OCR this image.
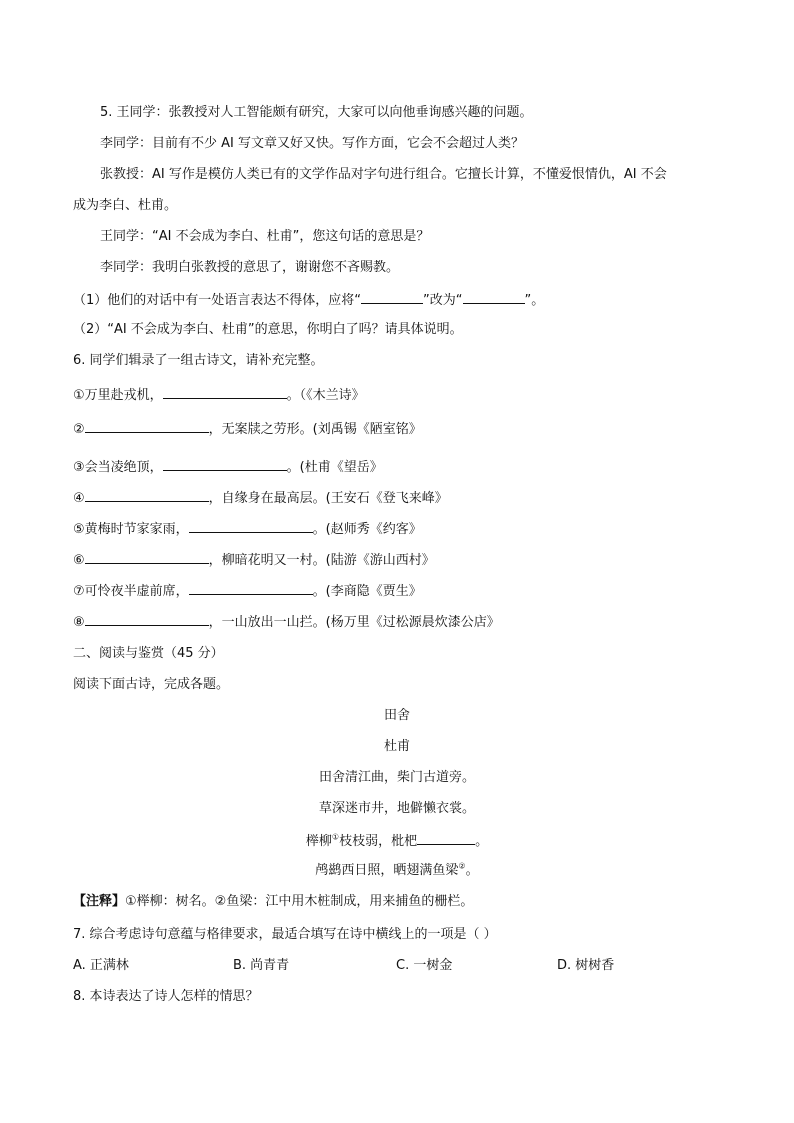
5. 王同学：张教授对人工智能颇有研究，大家可以向他垂询感兴趣的问题。
李同学：目前有不少 AI 写文章又好又快。写作方面，它会不会超过人类？
张教授：AI 写作是模仿人类已有的文学作品对字句进行组合。它擅长计算，不懂爱恨情仇，AI 不会
成为李白、杜甫。
王同学：“AI 不会成为李白、杜甫”，您这句话的意思是？
李同学：我明白张教授的意思了，谢谢您不吝赐教。
（1）他们的对话中有一处语言表达不得体，应将“	”改为“	”。
（2）“AI 不会成为李白、杜甫”的意思，你明白了吗？请具体说明。
6. 同学们辑录了一组古诗文，请补充完整。
①万里赴戎机，	。（《木兰诗》
②	，无案牍之劳形。(刘禹锡《陋室铭》
③会当凌绝顶，	。(杜甫《望岳》
④	，自缘身在最高层。(王安石《登飞来峰》
⑤黄梅时节家家雨，	。(赵师秀《约客》
⑥	，柳暗花明又一村。(陆游《游山西村》
⑦可怜夜半虚前席，	。(李商隐《贾生》
⑧	，一山放出一山拦。(杨万里《过松源晨炊漆公店》
二、阅读与鉴赏（45 分）
阅读下面古诗，完成各题。
田舍
杜甫
田舍清江曲，柴门古道旁。
草深迷市井，地僻懒衣裳。
榉柳①枝枝弱，枇杷	。
鸬鹚西日照，晒翅满鱼梁②。
【注释】①榉柳：树名。②鱼梁：江中用木桩制成，用来捕鱼的栅栏。
7. 综合考虑诗句意蕴与格律要求，最适合填写在诗中横线上的一项是（ ）
A. 正满林	B. 尚青青	C. 一树金	D. 树树香
8. 本诗表达了诗人怎样的情思？
